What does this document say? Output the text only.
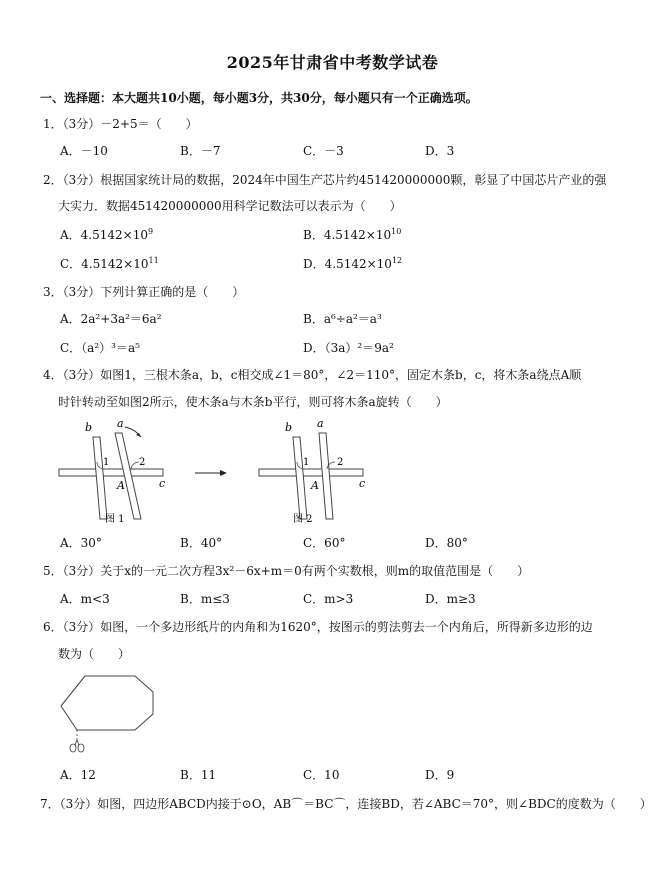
2025年甘肃省中考数学试卷
一、选择题：本大题共10小题，每小题3分，共30分，每小题只有一个正确选项。
1．（3分）－2+5＝（　　）
A．－10	B．－7	C．－3	D．3
2．（3分）根据国家统计局的数据，2024年中国生产芯片约451420000000颗，彰显了中国芯片产业的强
大实力．数据451420000000用科学记数法可以表示为（　　）
A．$4.5142\times 10^9$	B．$4.5142\times 10^{10}$
C．$4.5142\times 10^{11}$	D．$4.5142\times 10^{12}$
3．（3分）下列计算正确的是（　　）
A．2a²+3a²＝6a²	B．a⁶÷a²＝a³
C．（a²）³＝a⁵	D．（3a）²＝9a²
4．（3分）如图1，三根木条a，b，c相交成∠1＝80°，∠2＝110°，固定木条b，c，将木条a绕点A顺
时针转动至如图2所示，使木条a与木条b平行，则可将木条a旋转（　　）
b a
1	2
A	c
图 1
b a
1	2
A	c
图 2
A．30°	B．40°	C．60°	D．80°
5．（3分）关于x的一元二次方程3x²－6x+m＝0有两个实数根，则m的取值范围是（　　）
A．m<3	B．m≤3	C．m>3	D．m≥3
6．（3分）如图，一个多边形纸片的内角和为1620°，按图示的剪法剪去一个内角后，所得新多边形的边
数为（　　）
A．12	B．11	C．10	D．9
7．（3分）如图，四边形ABCD内接于⊙O，AB⌒＝BC⌒，连接BD，若∠ABC＝70°，则∠BDC的度数为（　　）
